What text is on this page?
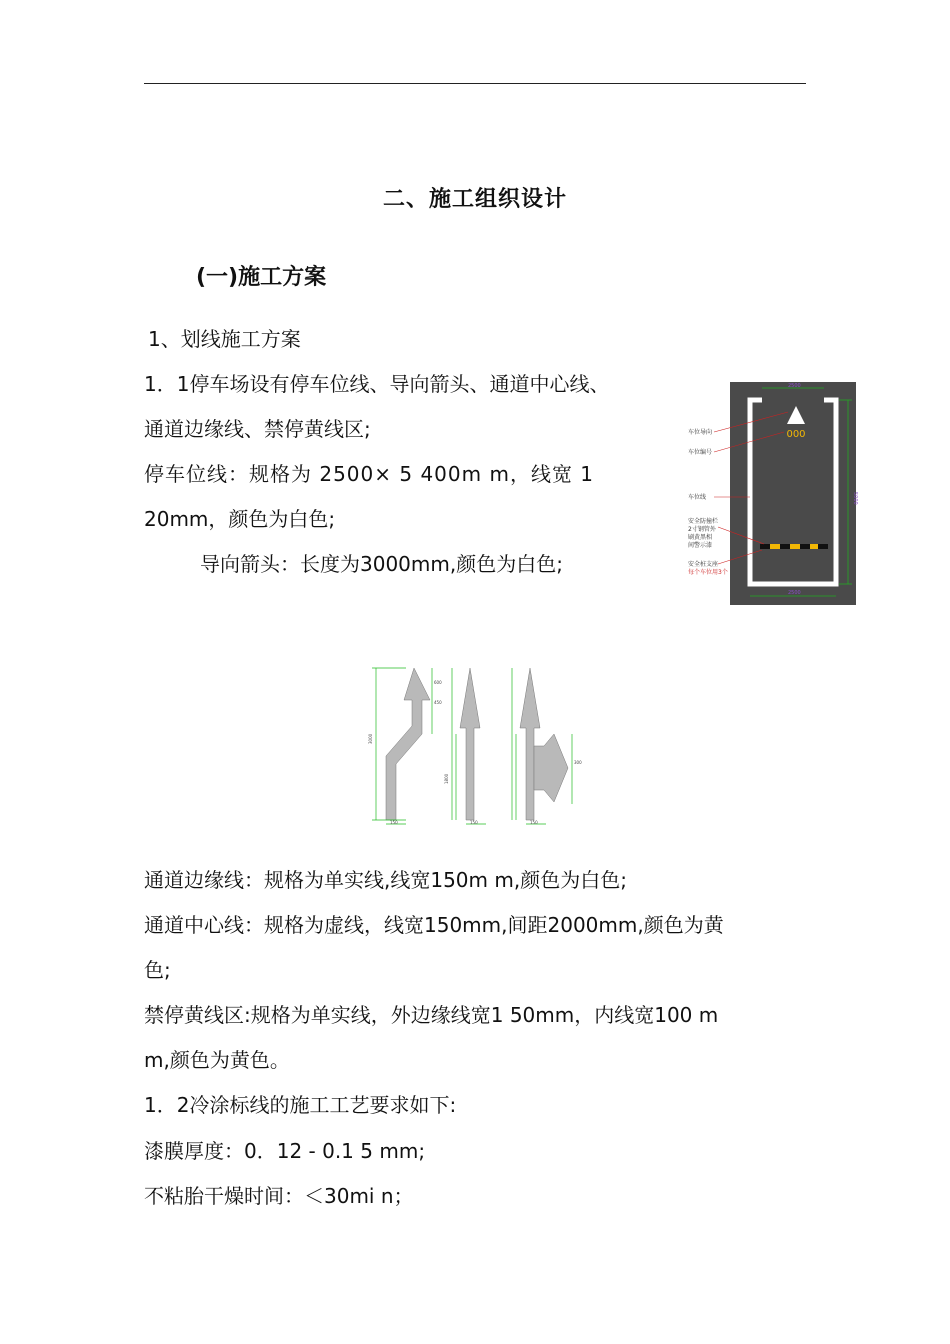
二、施工组织设计
(一)施工方案
1、划线施工方案
1．1停车场设有停车位线、导向箭头、通道中心线、
通道边缘线、禁停黄线区;
停车位线：规格为 2500× 5 400m m，线宽 1
20mm，颜色为白色;
导向箭头：长度为3000mm,颜色为白色;
000
5000
2500
2500
车位导向
车位编号
车位线
安全防撞栏
2寸钢管外
刷黄黑相
间警示漆
安全桩支座
每个车位用3个
3000
1800
150	150	150
600
450
300
通道边缘线：规格为单实线,线宽150m m,颜色为白色;
通道中心线：规格为虚线，线宽150mm,间距2000mm,颜色为黄
色;
禁停黄线区:规格为单实线，外边缘线宽1 50mm，内线宽100 m
m,颜色为黄色。
1．2冷涂标线的施工工艺要求如下:
漆膜厚度：0．12 - 0.1 5 mm;
不粘胎干燥时间：＜30mi n；
